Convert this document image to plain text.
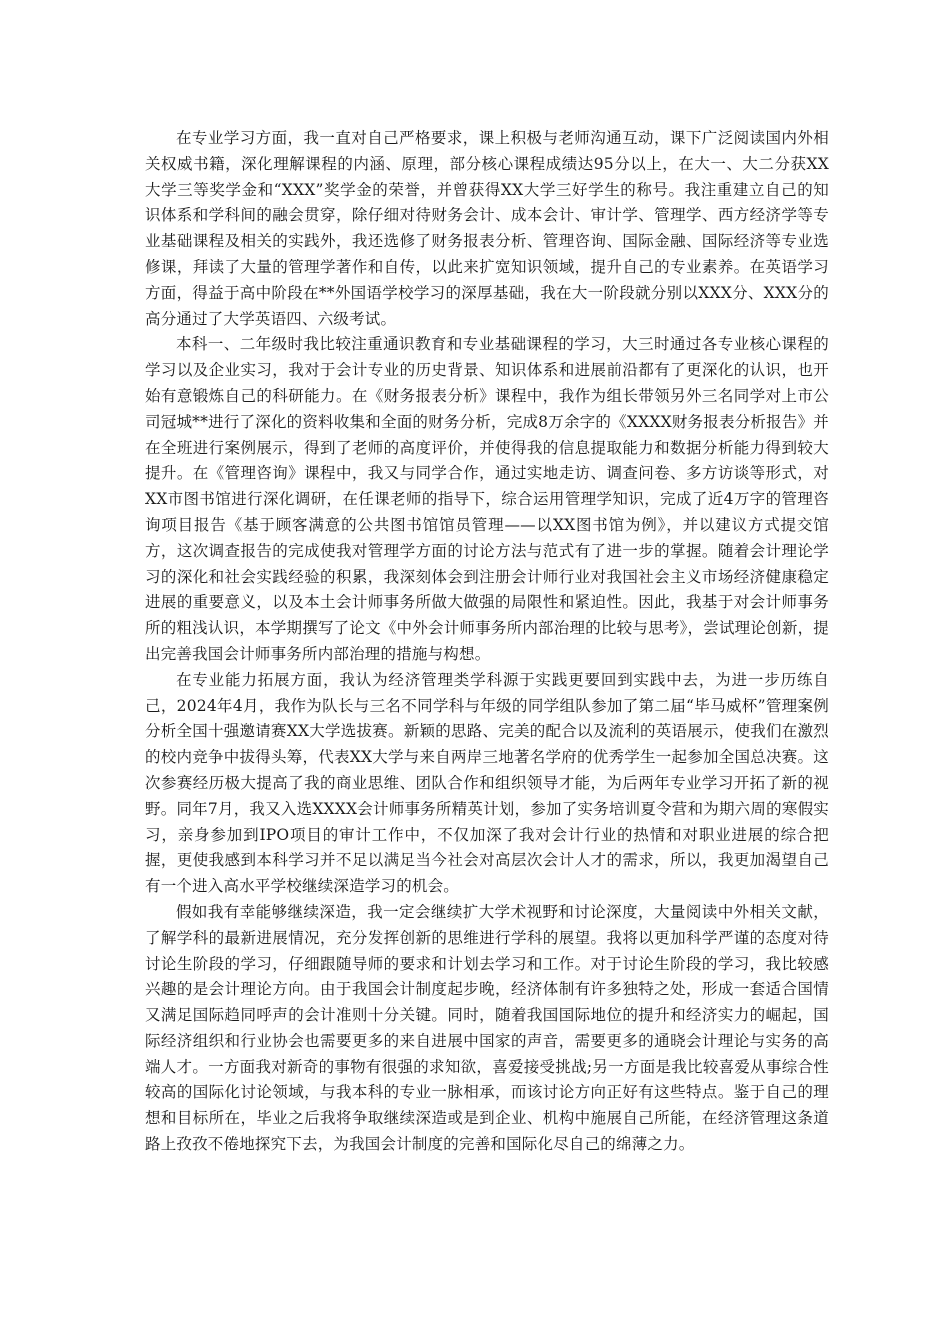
在专业学习方面，我一直对自己严格要求，课上积极与老师沟通互动，课下广泛阅读国内外相关权威书籍，深化理解课程的内涵、原理，部分核心课程成绩达95分以上，在大一、大二分获XX大学三等奖学金和“XXX”奖学金的荣誉，并曾获得XX大学三好学生的称号。我注重建立自己的知识体系和学科间的融会贯穿，除仔细对待财务会计、成本会计、审计学、管理学、西方经济学等专业基础课程及相关的实践外，我还选修了财务报表分析、管理咨询、国际金融、国际经济等专业选修课，拜读了大量的管理学著作和自传，以此来扩宽知识领域，提升自己的专业素养。在英语学习方面，得益于高中阶段在**外国语学校学习的深厚基础，我在大一阶段就分别以XXX分、XXX分的高分通过了大学英语四、六级考试。

本科一、二年级时我比较注重通识教育和专业基础课程的学习，大三时通过各专业核心课程的学习以及企业实习，我对于会计专业的历史背景、知识体系和进展前沿都有了更深化的认识，也开始有意锻炼自己的科研能力。在《财务报表分析》课程中，我作为组长带领另外三名同学对上市公司冠城**进行了深化的资料收集和全面的财务分析，完成8万余字的《XXXX财务报表分析报告》并在全班进行案例展示，得到了老师的高度评价，并使得我的信息提取能力和数据分析能力得到较大提升。在《管理咨询》课程中，我又与同学合作，通过实地走访、调查问卷、多方访谈等形式，对XX市图书馆进行深化调研，在任课老师的指导下，综合运用管理学知识，完成了近4万字的管理咨询项目报告《基于顾客满意的公共图书馆馆员管理——以XX图书馆为例》，并以建议方式提交馆方，这次调查报告的完成使我对管理学方面的讨论方法与范式有了进一步的掌握。随着会计理论学习的深化和社会实践经验的积累，我深刻体会到注册会计师行业对我国社会主义市场经济健康稳定进展的重要意义，以及本土会计师事务所做大做强的局限性和紧迫性。因此，我基于对会计师事务所的粗浅认识，本学期撰写了论文《中外会计师事务所内部治理的比较与思考》，尝试理论创新，提出完善我国会计师事务所内部治理的措施与构想。

在专业能力拓展方面，我认为经济管理类学科源于实践更要回到实践中去，为进一步历练自己，2024年4月，我作为队长与三名不同学科与年级的同学组队参加了第二届“毕马威杯”管理案例分析全国十强邀请赛XX大学选拔赛。新颖的思路、完美的配合以及流利的英语展示，使我们在激烈的校内竞争中拔得头筹，代表XX大学与来自两岸三地著名学府的优秀学生一起参加全国总决赛。这次参赛经历极大提高了我的商业思维、团队合作和组织领导才能，为后两年专业学习开拓了新的视野。同年7月，我又入选XXXX会计师事务所精英计划，参加了实务培训夏令营和为期六周的寒假实习，亲身参加到IPO项目的审计工作中，不仅加深了我对会计行业的热情和对职业进展的综合把握，更使我感到本科学习并不足以满足当今社会对高层次会计人才的需求，所以，我更加渴望自己有一个进入高水平学校继续深造学习的机会。

假如我有幸能够继续深造，我一定会继续扩大学术视野和讨论深度，大量阅读中外相关文献，了解学科的最新进展情况，充分发挥创新的思维进行学科的展望。我将以更加科学严谨的态度对待讨论生阶段的学习，仔细跟随导师的要求和计划去学习和工作。对于讨论生阶段的学习，我比较感兴趣的是会计理论方向。由于我国会计制度起步晚，经济体制有许多独特之处，形成一套适合国情又满足国际趋同呼声的会计准则十分关键。同时，随着我国国际地位的提升和经济实力的崛起，国际经济组织和行业协会也需要更多的来自进展中国家的声音，需要更多的通晓会计理论与实务的高端人才。一方面我对新奇的事物有很强的求知欲，喜爱接受挑战;另一方面是我比较喜爱从事综合性较高的国际化讨论领域，与我本科的专业一脉相承，而该讨论方向正好有这些特点。鉴于自己的理想和目标所在，毕业之后我将争取继续深造或是到企业、机构中施展自己所能，在经济管理这条道路上孜孜不倦地探究下去，为我国会计制度的完善和国际化尽自己的绵薄之力。
